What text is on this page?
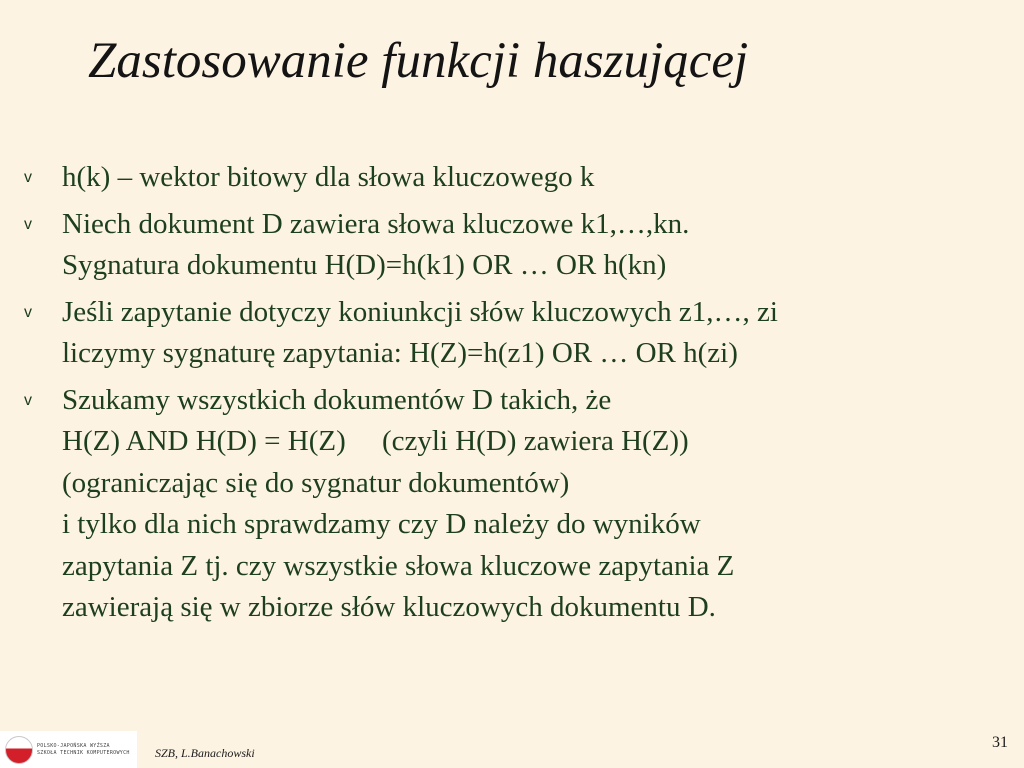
Zastosowanie funkcji haszującej
v	h(k) – wektor bitowy dla słowa kluczowego k
v	Niech dokument D zawiera słowa kluczowe k1,…,kn.
Sygnatura dokumentu H(D)=h(k1) OR … OR h(kn)
v	Jeśli zapytanie dotyczy koniunkcji słów kluczowych z1,…, zi
liczymy sygnaturę zapytania: H(Z)=h(z1) OR … OR h(zi)
v	Szukamy wszystkich dokumentów D takich, że
H(Z) AND H(D) = H(Z)     (czyli H(D) zawiera H(Z))
(ograniczając się do sygnatur dokumentów)
i tylko dla nich sprawdzamy czy D należy do wyników
zapytania Z tj. czy wszystkie słowa kluczowe zapytania Z
zawierają się w zbiorze słów kluczowych dokumentu D.
POLSKO-JAPOŃSKA WYŻSZA
SZKOŁA TECHNIK KOMPUTEROWYCH SZB, L.Banachowski
31
